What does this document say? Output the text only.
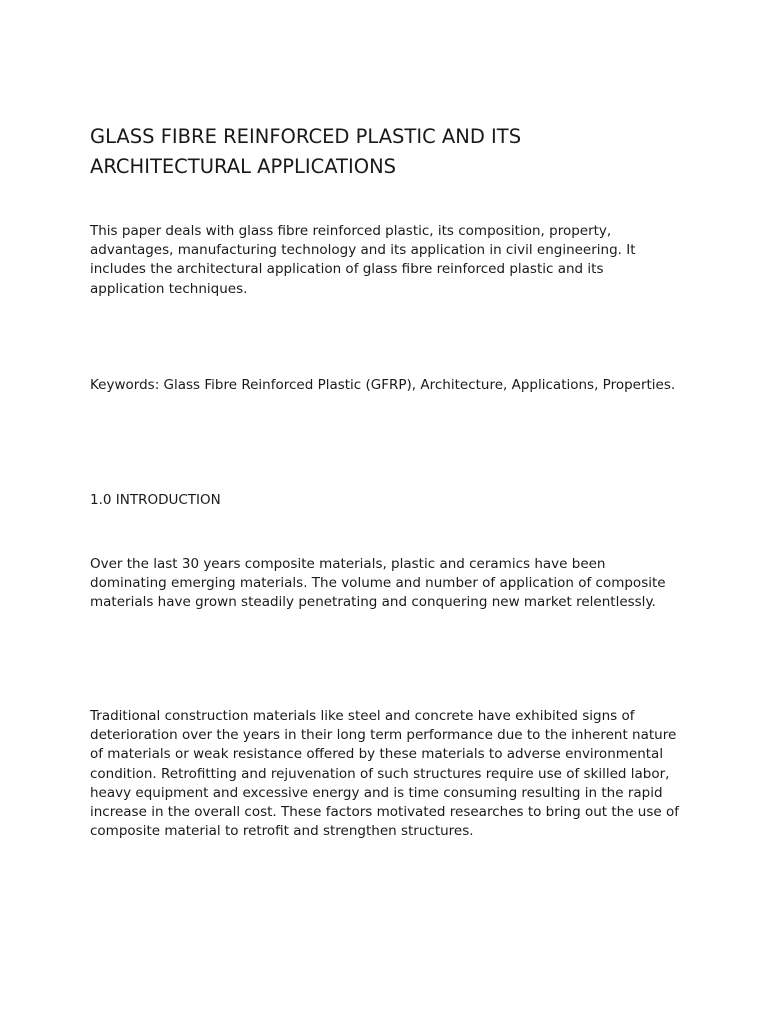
GLASS FIBRE REINFORCED PLASTIC AND ITS ARCHITECTURAL APPLICATIONS

This paper deals with glass fibre reinforced plastic, its composition, property, advantages, manufacturing technology and its application in civil engineering. It includes the architectural application of glass fibre reinforced plastic and its application techniques.

Keywords: Glass Fibre Reinforced Plastic (GFRP), Architecture, Applications, Properties.

1.0 INTRODUCTION

Over the last 30 years composite materials, plastic and ceramics have been dominating emerging materials. The volume and number of application of composite materials have grown steadily penetrating and conquering new market relentlessly.

Traditional construction materials like steel and concrete have exhibited signs of deterioration over the years in their long term performance due to the inherent nature of materials or weak resistance offered by these materials to adverse environmental condition. Retrofitting and rejuvenation of such structures require use of skilled labor, heavy equipment and excessive energy and is time consuming resulting in the rapid increase in the overall cost. These factors motivated researches to bring out the use of composite material to retrofit and strengthen structures.
